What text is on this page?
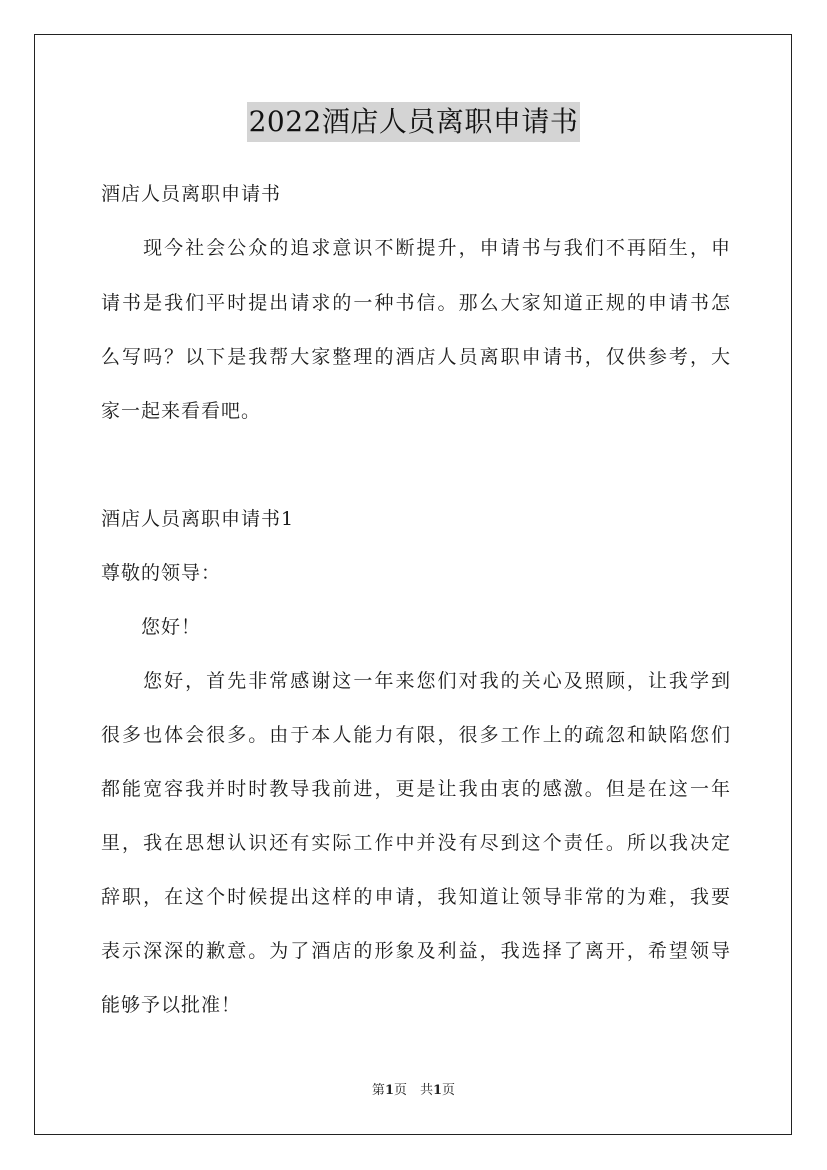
2022酒店人员离职申请书
酒店人员离职申请书
　　现今社会公众的追求意识不断提升，申请书与我们不再陌生，申
请书是我们平时提出请求的一种书信。那么大家知道正规的申请书怎
么写吗？以下是我帮大家整理的酒店人员离职申请书，仅供参考，大
家一起来看看吧。
酒店人员离职申请书1
尊敬的领导：
　　您好！
　　您好，首先非常感谢这一年来您们对我的关心及照顾，让我学到
很多也体会很多。由于本人能力有限，很多工作上的疏忽和缺陷您们
都能宽容我并时时教导我前进，更是让我由衷的感激。但是在这一年
里，我在思想认识还有实际工作中并没有尽到这个责任。所以我决定
辞职，在这个时候提出这样的申请，我知道让领导非常的为难，我要
表示深深的歉意。为了酒店的形象及利益，我选择了离开，希望领导
能够予以批准！
第1页　共1页
